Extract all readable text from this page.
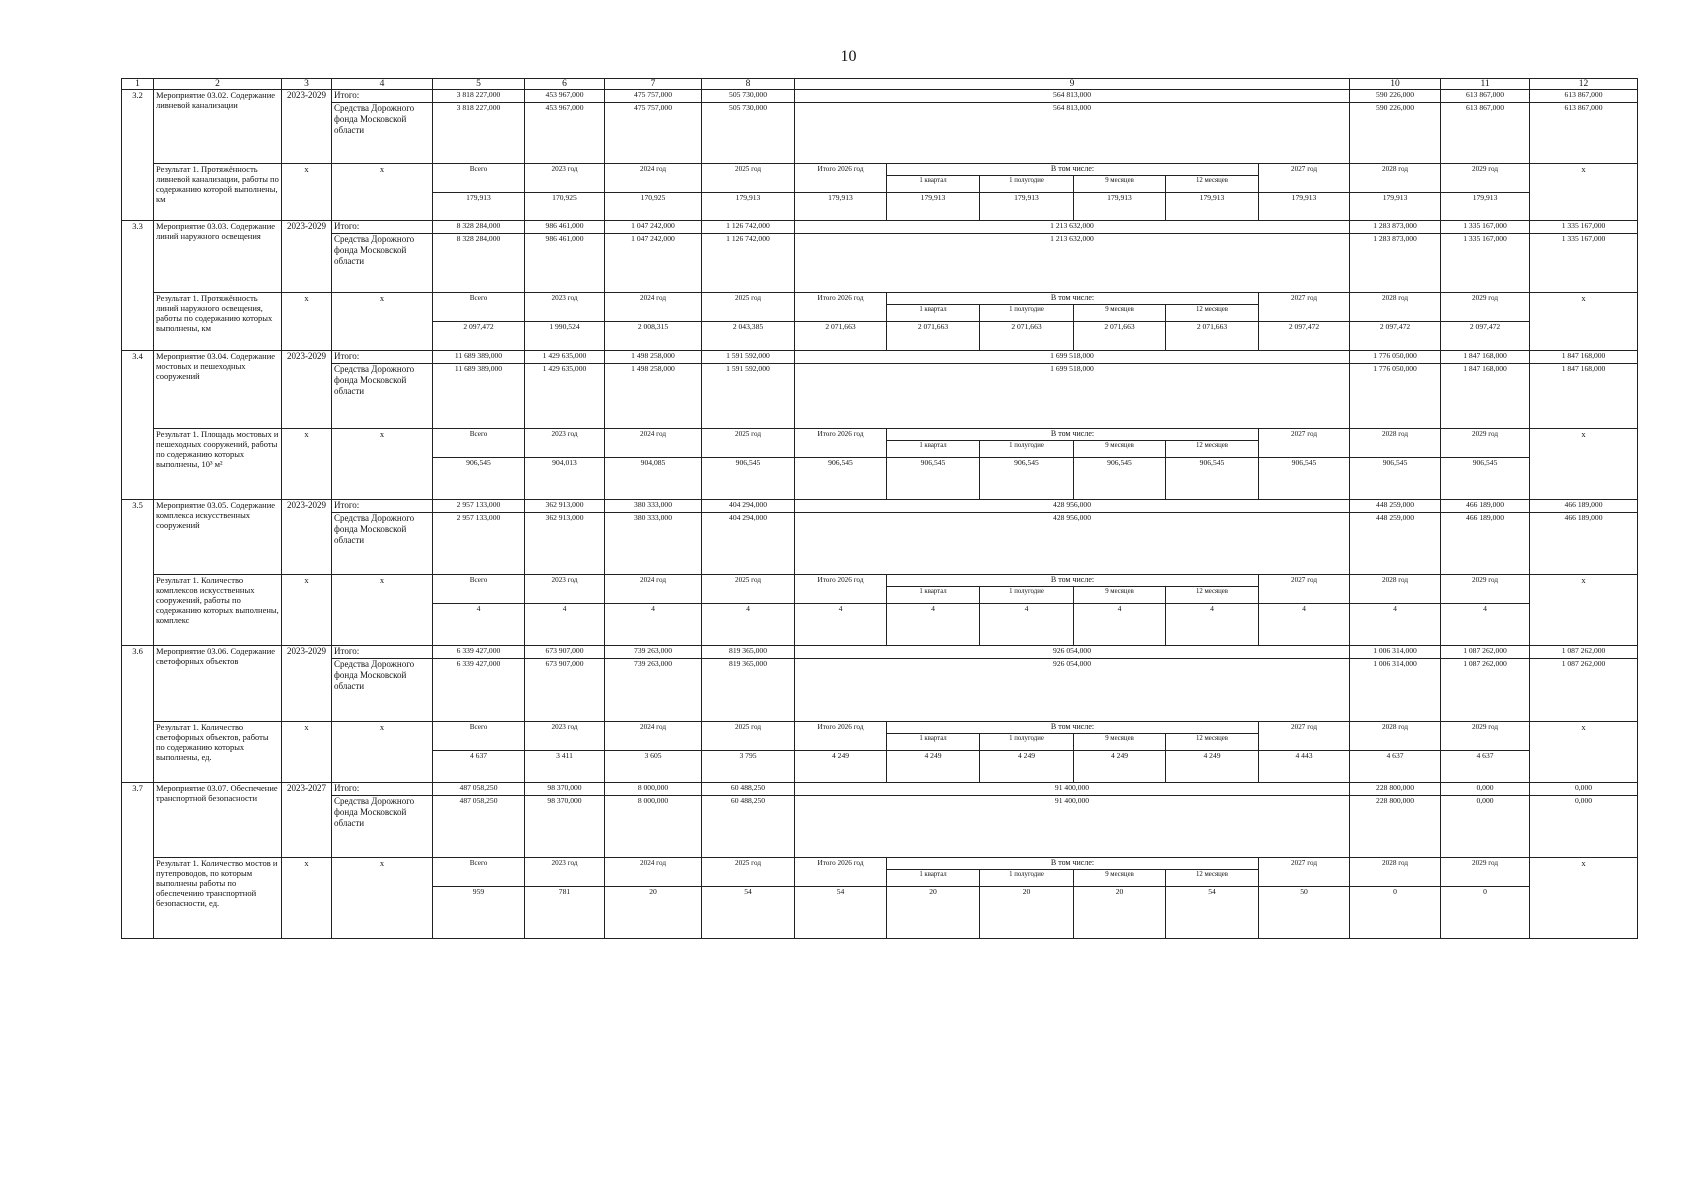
10
1	2	3	4	5	6	7	8	9						10	11	12	
3.2	Мероприятие 03.02. Содержание ливневой канализации	2023-2029	Итого:	3 818 227,000	453 967,000	475 757,000	505 730,000	564 813,000						590 226,000	613 867,000	613 867,000	
			Средства Дорожного фонда Московской области	3 818 227,000	453 967,000	475 757,000	505 730,000	564 813,000						590 226,000	613 867,000	613 867,000	
	Результат 1. Протяжённость ливневой канализации, работы по содержанию которой выполнены, км	x	x	Всего	2023 год	2024 год	2025 год	Итого 2026 год	В том числе:				2027 год	2028 год	2029 год	x	
									1 квартал	1 полугодие	9 месяцев	12 месяцев					
				179,913	170,925	170,925	179,913	179,913	179,913	179,913	179,913	179,913	179,913	179,913	179,913		
3.3	Мероприятие 03.03. Содержание линий наружного освещения	2023-2029	Итого:	8 328 284,000	986 461,000	1 047 242,000	1 126 742,000	1 213 632,000						1 283 873,000	1 335 167,000	1 335 167,000	
			Средства Дорожного фонда Московской области	8 328 284,000	986 461,000	1 047 242,000	1 126 742,000	1 213 632,000						1 283 873,000	1 335 167,000	1 335 167,000	
	Результат 1. Протяжённость линий наружного освещения, работы по содержанию которых выполнены, км	x	x	Всего	2023 год	2024 год	2025 год	Итого 2026 год	В том числе:				2027 год	2028 год	2029 год	x	
									1 квартал	1 полугодие	9 месяцев	12 месяцев					
				2 097,472	1 990,524	2 008,315	2 043,385	2 071,663	2 071,663	2 071,663	2 071,663	2 071,663	2 097,472	2 097,472	2 097,472		
3.4	Мероприятие 03.04. Содержание мостовых и пешеходных сооружений	2023-2029	Итого:	11 689 389,000	1 429 635,000	1 498 258,000	1 591 592,000	1 699 518,000						1 776 050,000	1 847 168,000	1 847 168,000	
			Средства Дорожного фонда Московской области	11 689 389,000	1 429 635,000	1 498 258,000	1 591 592,000	1 699 518,000						1 776 050,000	1 847 168,000	1 847 168,000	
	Результат 1. Площадь мостовых и пешеходных сооружений, работы по содержанию которых выполнены, 10³ м²	x	x	Всего	2023 год	2024 год	2025 год	Итого 2026 год	В том числе:				2027 год	2028 год	2029 год	x	
									1 квартал	1 полугодие	9 месяцев	12 месяцев					
				906,545	904,013	904,085	906,545	906,545	906,545	906,545	906,545	906,545	906,545	906,545	906,545		
3.5	Мероприятие 03.05. Содержание комплекса искусственных сооружений	2023-2029	Итого:	2 957 133,000	362 913,000	380 333,000	404 294,000	428 956,000						448 259,000	466 189,000	466 189,000	
			Средства Дорожного фонда Московской области	2 957 133,000	362 913,000	380 333,000	404 294,000	428 956,000						448 259,000	466 189,000	466 189,000	
	Результат 1. Количество комплексов искусственных сооружений, работы по содержанию которых выполнены, комплекс	x	x	Всего	2023 год	2024 год	2025 год	Итого 2026 год	В том числе:				2027 год	2028 год	2029 год	x	
									1 квартал	1 полугодие	9 месяцев	12 месяцев					
				4	4	4	4	4	4	4	4	4	4	4	4		
3.6	Мероприятие 03.06. Содержание светофорных объектов	2023-2029	Итого:	6 339 427,000	673 907,000	739 263,000	819 365,000	926 054,000						1 006 314,000	1 087 262,000	1 087 262,000	
			Средства Дорожного фонда Московской области	6 339 427,000	673 907,000	739 263,000	819 365,000	926 054,000						1 006 314,000	1 087 262,000	1 087 262,000	
	Результат 1. Количество светофорных объектов, работы по содержанию которых выполнены, ед.	x	x	Всего	2023 год	2024 год	2025 год	Итого 2026 год	В том числе:				2027 год	2028 год	2029 год	x	
									1 квартал	1 полугодие	9 месяцев	12 месяцев					
				4 637	3 411	3 605	3 795	4 249	4 249	4 249	4 249	4 249	4 443	4 637	4 637		
3.7	Мероприятие 03.07. Обеспечение транспортной безопасности	2023-2027	Итого:	487 058,250	98 370,000	8 000,000	60 488,250	91 400,000						228 800,000	0,000	0,000	
			Средства Дорожного фонда Московской области	487 058,250	98 370,000	8 000,000	60 488,250	91 400,000						228 800,000	0,000	0,000	
	Результат 1. Количество мостов и путепроводов, по которым выполнены работы по обеспечению транспортной безопасности, ед.	x	x	Всего	2023 год	2024 год	2025 год	Итого 2026 год	В том числе:				2027 год	2028 год	2029 год	x	
									1 квартал	1 полугодие	9 месяцев	12 месяцев					
				959	781	20	54	54	20	20	20	54	50	0	0		
